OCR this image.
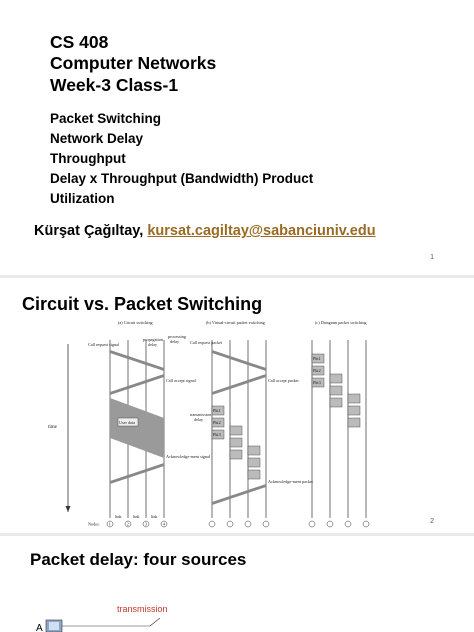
CS 408
Computer Networks
Week-3 Class-1
Packet Switching
Network Delay
Throughput
Delay x Throughput (Bandwidth) Product
Utilization
Kürşat Çağıltay, kursat.cagiltay@sabanciuniv.edu
1
Circuit vs. Packet Switching
(a) Circuit switching	(b) Virtual-circuit packet switching	(c) Datagram packet switching
time
Call request signal
propagation
delay
processing
delay
Call accept signal
User data
Acknowledge-ment signal
1	2	3	4
Nodes:
link	link	link
Call request packet
Call accept packet
transmission
delay
Acknowledge-ment packet
Pkt1
Pkt2
Pkt3
Pkt1
Pkt2
Pkt3
2
Packet delay: four sources
transmission
A
